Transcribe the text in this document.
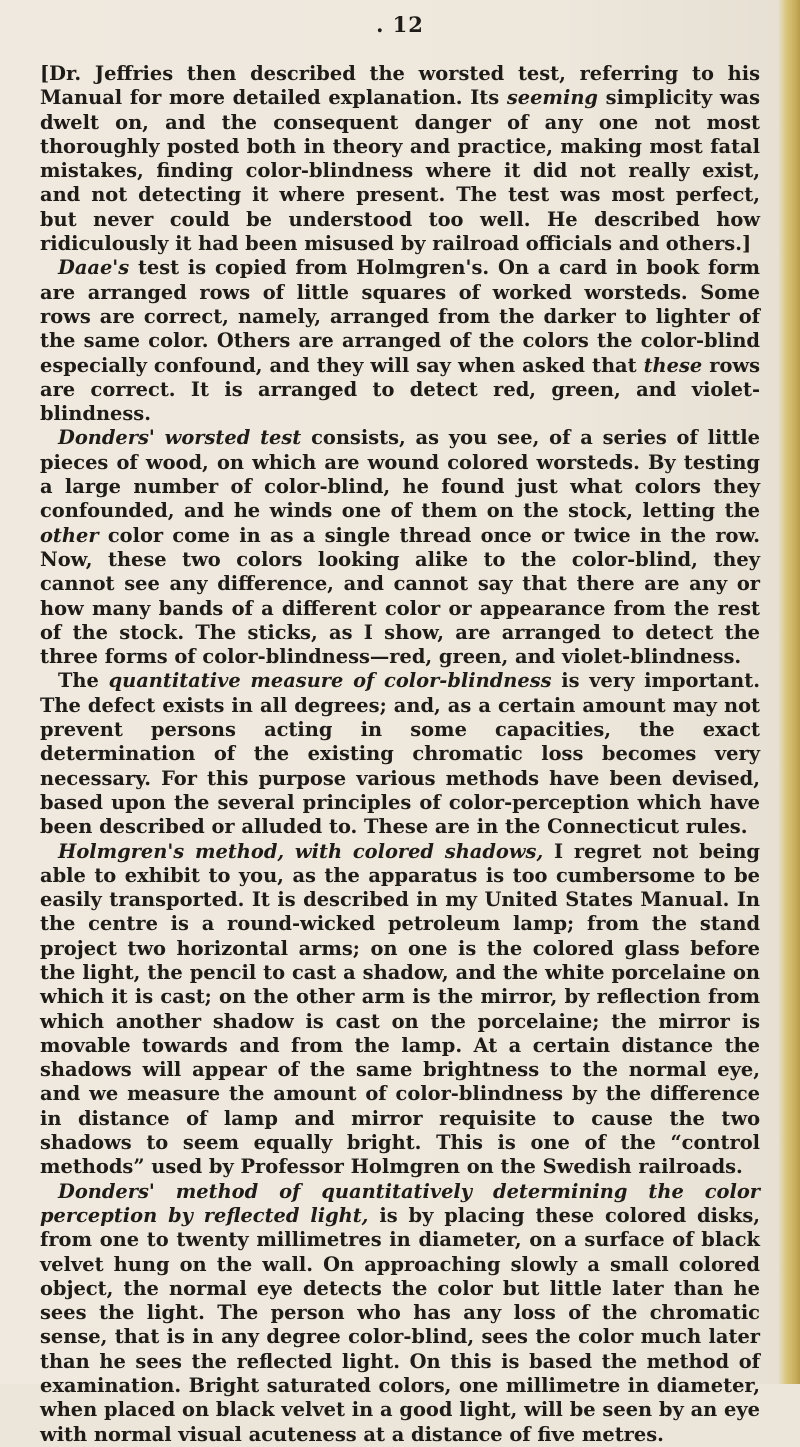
. 12

[Dr. Jeffries then described the worsted test, referring to his Manual for more detailed explanation. Its seeming simplicity was dwelt on, and the consequent danger of any one not most thoroughly posted both in theory and practice, making most fatal mistakes, finding color-blindness where it did not really exist, and not detecting it where present. The test was most perfect, but never could be understood too well. He described how ridiculously it had been misused by railroad officials and others.]

Daae's test is copied from Holmgren's. On a card in book form are arranged rows of little squares of worked worsteds. Some rows are correct, namely, arranged from the darker to lighter of the same color. Others are arranged of the colors the color-blind especially confound, and they will say when asked that these rows are correct. It is arranged to detect red, green, and violet-blindness.

Donders' worsted test consists, as you see, of a series of little pieces of wood, on which are wound colored worsteds. By testing a large number of color-blind, he found just what colors they confounded, and he winds one of them on the stock, letting the other color come in as a single thread once or twice in the row. Now, these two colors looking alike to the color-blind, they cannot see any difference, and cannot say that there are any or how many bands of a different color or appearance from the rest of the stock. The sticks, as I show, are arranged to detect the three forms of color-blindness—red, green, and violet-blindness.

The quantitative measure of color-blindness is very important. The defect exists in all degrees; and, as a certain amount may not prevent persons acting in some capacities, the exact determination of the existing chromatic loss becomes very necessary. For this purpose various methods have been devised, based upon the several principles of color-perception which have been described or alluded to. These are in the Connecticut rules.

Holmgren's method, with colored shadows, I regret not being able to exhibit to you, as the apparatus is too cumbersome to be easily transported. It is described in my United States Manual. In the centre is a round-wicked petroleum lamp; from the stand project two horizontal arms; on one is the colored glass before the light, the pencil to cast a shadow, and the white porcelaine on which it is cast; on the other arm is the mirror, by reflection from which another shadow is cast on the porcelaine; the mirror is movable towards and from the lamp. At a certain distance the shadows will appear of the same brightness to the normal eye, and we measure the amount of color-blindness by the difference in distance of lamp and mirror requisite to cause the two shadows to seem equally bright. This is one of the “control methods” used by Professor Holmgren on the Swedish railroads.

Donders' method of quantitatively determining the color perception by reflected light, is by placing these colored disks, from one to twenty millimetres in diameter, on a surface of black velvet hung on the wall. On approaching slowly a small colored object, the normal eye detects the color but little later than he sees the light. The person who has any loss of the chromatic sense, that is in any degree color-blind, sees the color much later than he sees the reflected light. On this is based the method of examination. Bright saturated colors, one millimetre in diameter, when placed on black velvet in a good light, will be seen by an eye with normal visual acuteness at a distance of five metres.
